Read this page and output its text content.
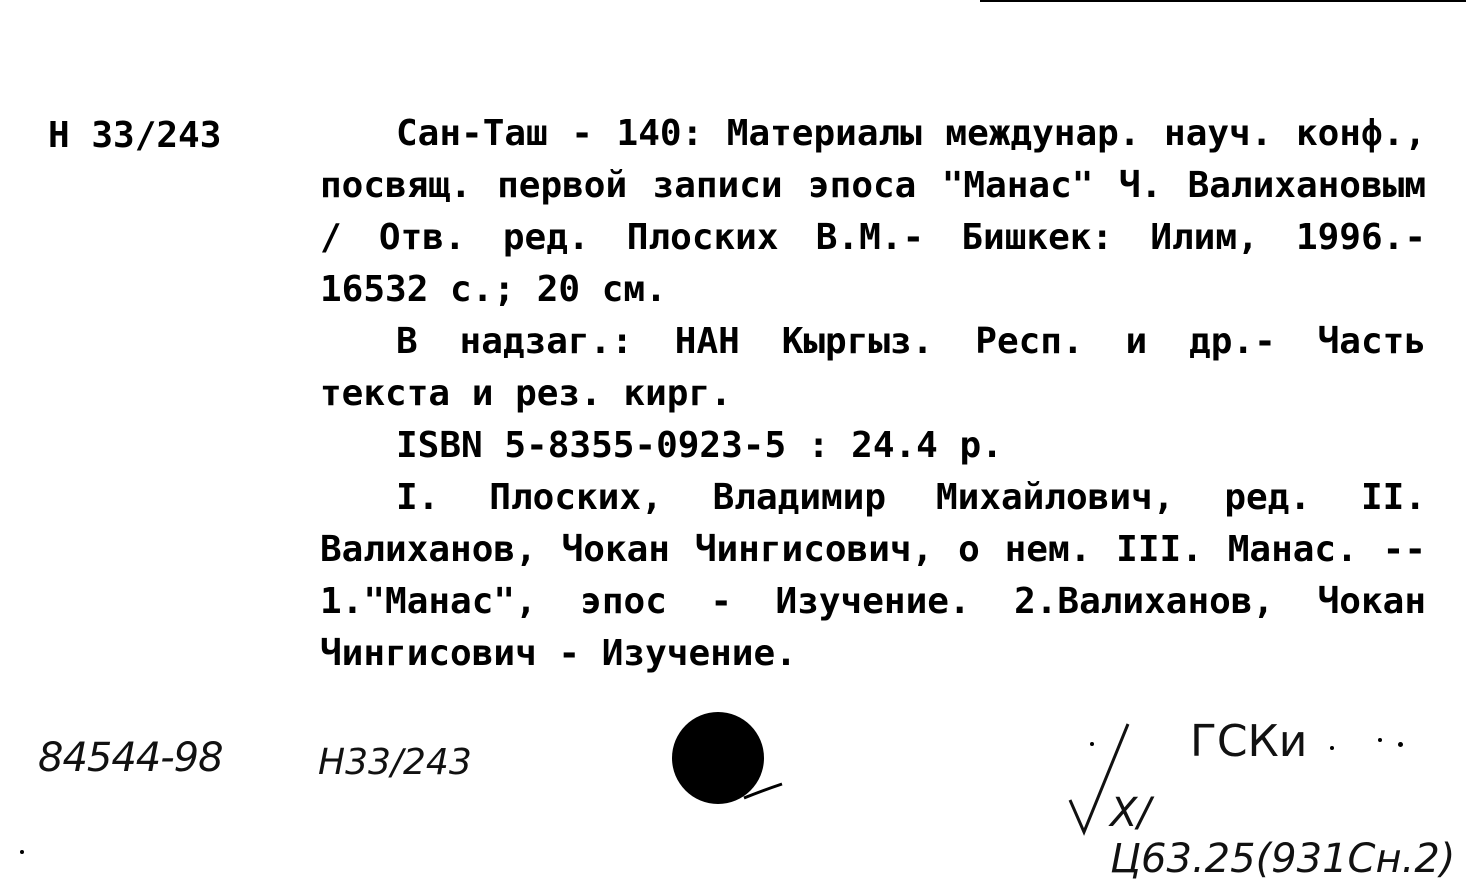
Н 33/243	Сан-Таш - 140: Материалы междунар. науч. конф., посвящ. первой записи эпоса "Манас" Ч. Валихановым / Отв. ред. Плоских В.М.- Бишкек: Илим, 1996.- 16532 с.; 20 см.

В надзаг.: НАН Кыргыз. Респ. и др.- Часть текста и рез. кирг.

ISBN 5-8355-0923-5 : 24.4 р.

I. Плоских, Владимир Михайлович, ред. II. Валиханов, Чокан Чингисович, о нем. III. Манас. -- 1."Манас", эпос - Изучение. 2.Валиханов, Чокан Чингисович - Изучение.

84544-98	Н33/243	ГСКи
Х/Ц63.25(931Сн.2)
